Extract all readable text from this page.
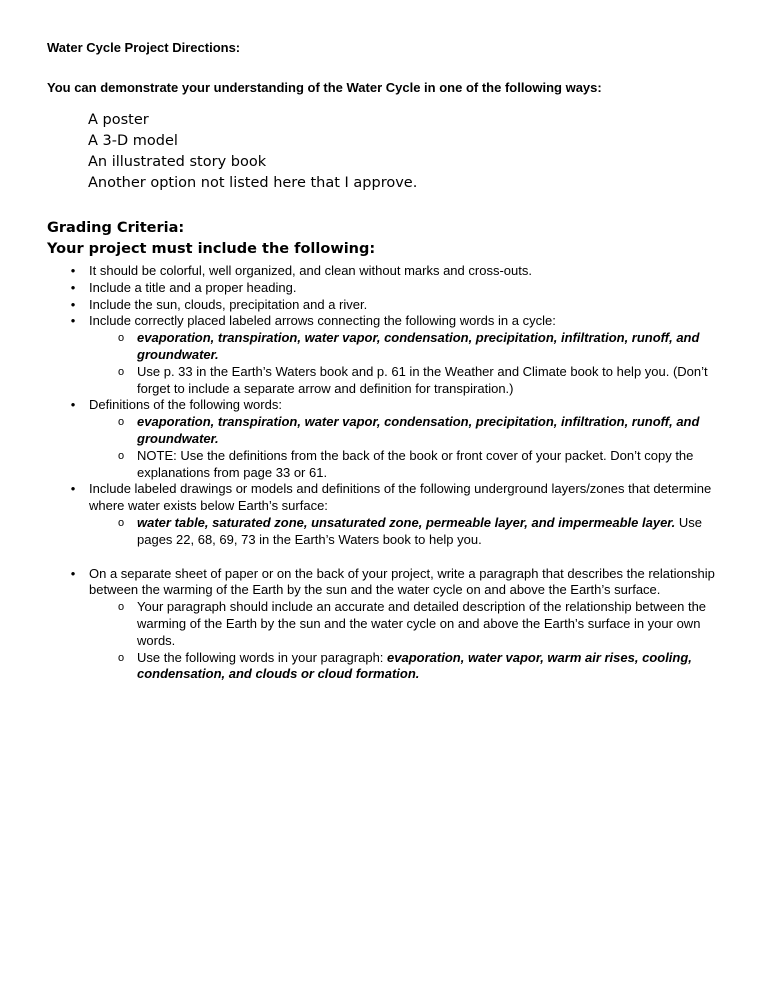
Water Cycle Project Directions:
You can demonstrate your understanding of the Water Cycle in one of the following ways:
A poster
A 3-D model
An illustrated story book
Another option not listed here that I approve.
Grading Criteria:
Your project must include the following:
• It should be colorful, well organized, and clean without marks and cross-outs.
• Include a title and a proper heading.
• Include the sun, clouds, precipitation and a river.
• Include correctly placed labeled arrows connecting the following words in a cycle:
o evaporation, transpiration, water vapor, condensation, precipitation, infiltration, runoff, and groundwater.
o Use p. 33 in the Earth’s Waters book and p. 61 in the Weather and Climate book to help you. (Don’t forget to include a separate arrow and definition for transpiration.)
• Definitions of the following words:
o evaporation, transpiration, water vapor, condensation, precipitation, infiltration, runoff, and groundwater.
o NOTE: Use the definitions from the back of the book or front cover of your packet. Don’t copy the explanations from page 33 or 61.
• Include labeled drawings or models and definitions of the following underground layers/zones that determine where water exists below Earth’s surface:
o water table, saturated zone, unsaturated zone, permeable layer, and impermeable layer. Use pages 22, 68, 69, 73 in the Earth’s Waters book to help you.
• On a separate sheet of paper or on the back of your project, write a paragraph that describes the relationship between the warming of the Earth by the sun and the water cycle on and above the Earth’s surface.
o Your paragraph should include an accurate and detailed description of the relationship between the warming of the Earth by the sun and the water cycle on and above the Earth’s surface in your own words.
o Use the following words in your paragraph: evaporation, water vapor, warm air rises, cooling, condensation, and clouds or cloud formation.
